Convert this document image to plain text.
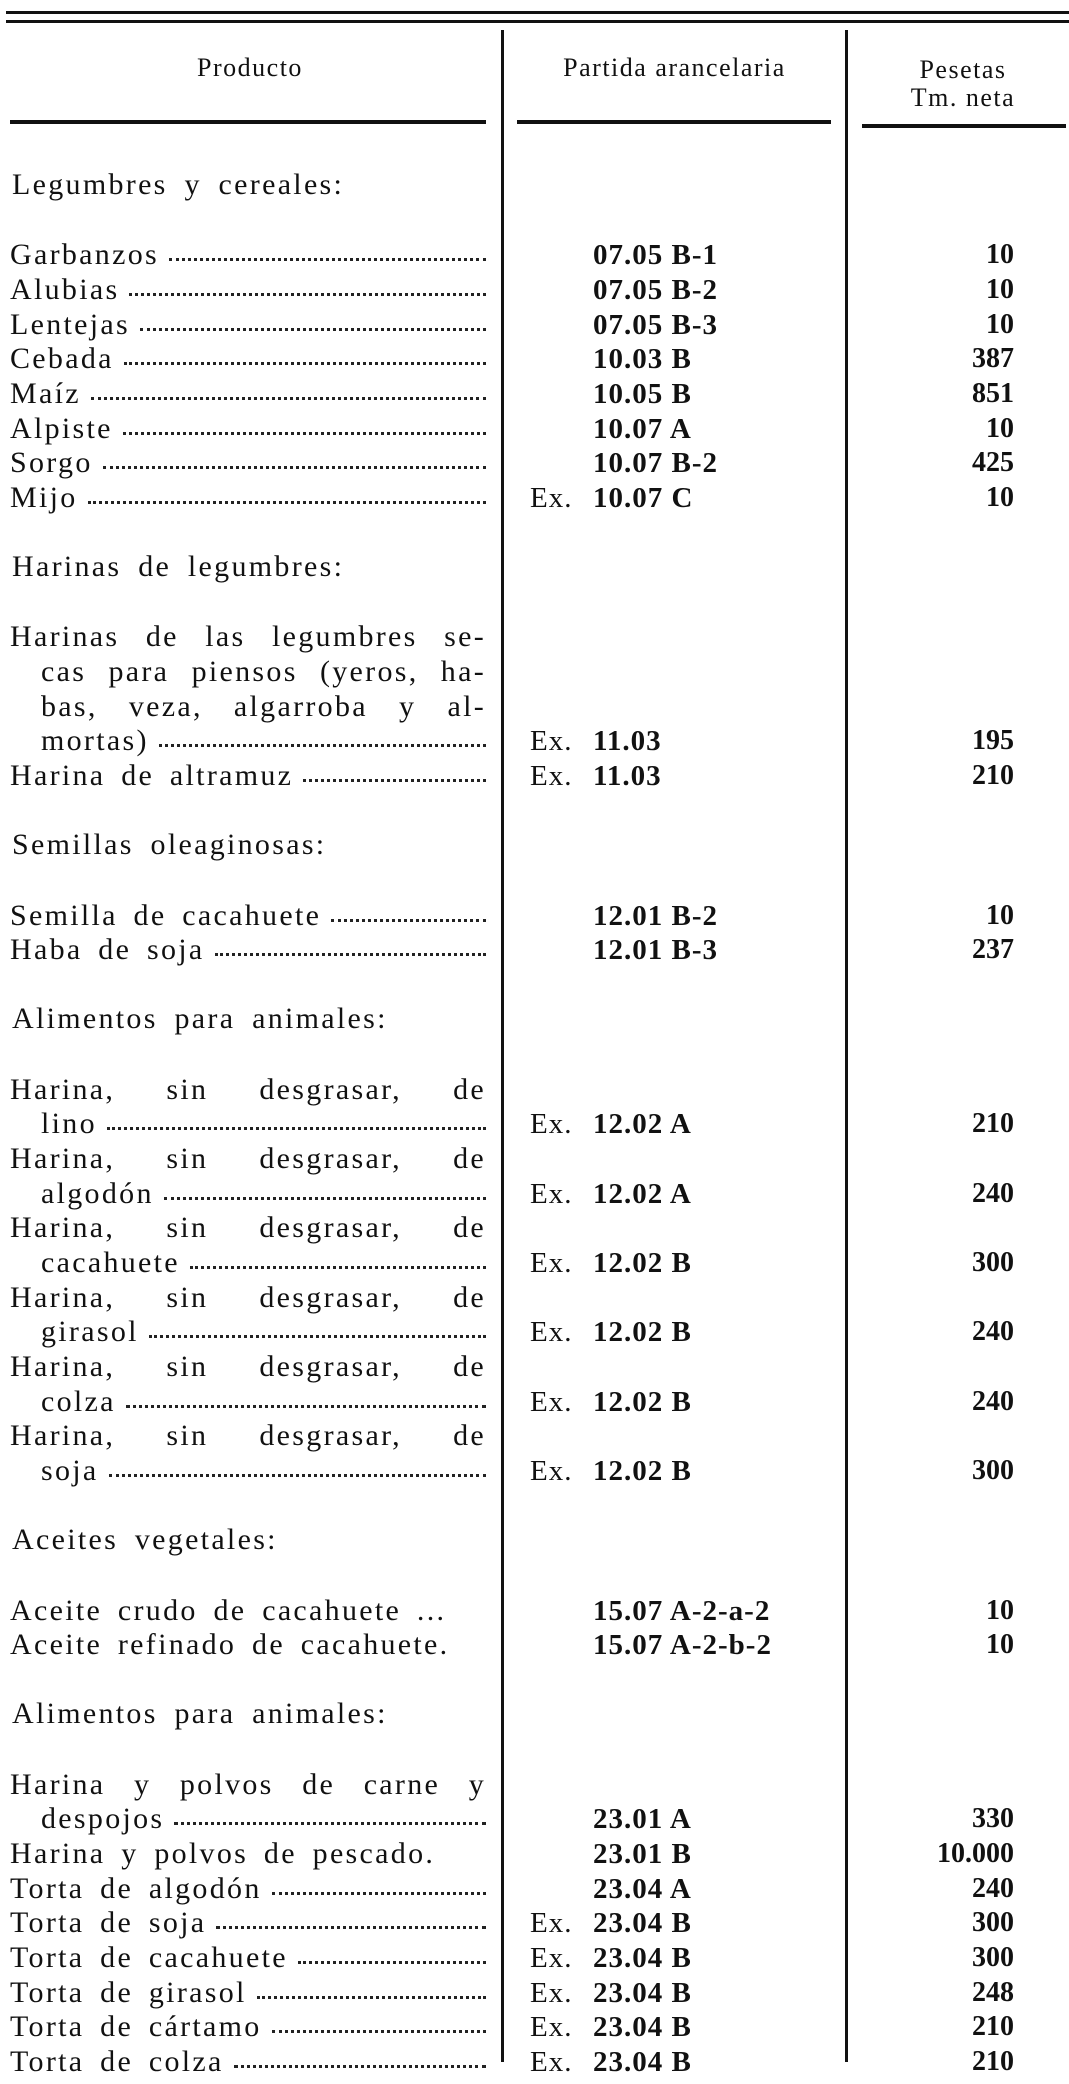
Producto	Partida arancelaria	Pesetas
Tm. neta
Legumbres y cereales:
Garbanzos	07.05 B-1	10
Alubias	07.05 B-2	10
Lentejas	07.05 B-3	10
Cebada	10.03 B	387
Maíz	10.05 B	851
Alpiste	10.07 A	10
Sorgo	10.07 B-2	425
Mijo	Ex. 10.07 C	10
Harinas de legumbres:
Harinas de las legumbres se-
cas para piensos (yeros, ha-
bas, veza, algarroba y al-
mortas)	Ex. 11.03	195
Harina de altramuz	Ex. 11.03	210
Semillas oleaginosas:
Semilla de cacahuete	12.01 B-2	10
Haba de soja	12.01 B-3	237
Alimentos para animales:
Harina, sin desgrasar, de
lino	Ex. 12.02 A	210
Harina, sin desgrasar, de
algodón	Ex. 12.02 A	240
Harina, sin desgrasar, de
cacahuete	Ex. 12.02 B	300
Harina, sin desgrasar, de
girasol	Ex. 12.02 B	240
Harina, sin desgrasar, de
colza	Ex. 12.02 B	240
Harina, sin desgrasar, de
soja	Ex. 12.02 B	300
Aceites vegetales:
Aceite crudo de cacahuete ...	15.07 A-2-a-2	10
Aceite refinado de cacahuete.	15.07 A-2-b-2	10
Alimentos para animales:
Harina y polvos de carne y
despojos	23.01 A	330
Harina y polvos de pescado.	23.01 B	10.000
Torta de algodón	23.04 A	240
Torta de soja	Ex. 23.04 B	300
Torta de cacahuete	Ex. 23.04 B	300
Torta de girasol	Ex. 23.04 B	248
Torta de cártamo	Ex. 23.04 B	210
Torta de colza	Ex. 23.04 B	210
